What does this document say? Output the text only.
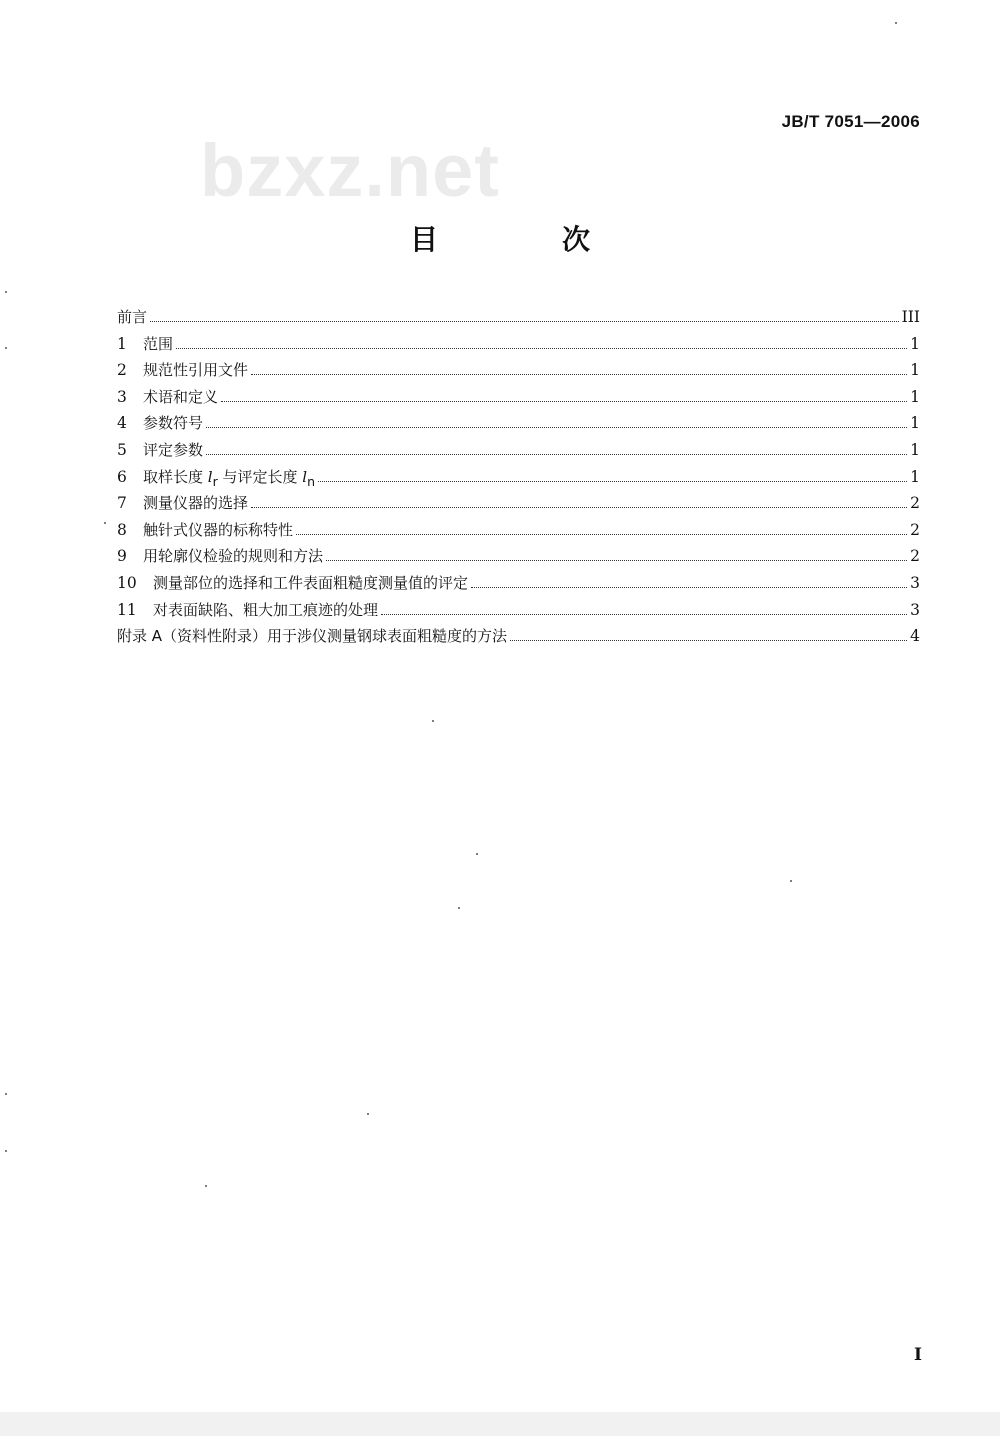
bzxz.net
JB/T 7051—2006
目　次
前言	III
1	范围	1
2	规范性引用文件	1
3	术语和定义	1
4	参数符号	1
5	评定参数	1
6	取样长度 $l_r$ 与评定长度 $l_n$	1
7	测量仪器的选择	2
8	触针式仪器的标称特性	2
9	用轮廓仪检验的规则和方法	2
10	测量部位的选择和工件表面粗糙度测量值的评定	3
11	对表面缺陷、粗大加工痕迹的处理	3
附录 A（资料性附录）用于涉仪测量钢球表面粗糙度的方法	4
I
